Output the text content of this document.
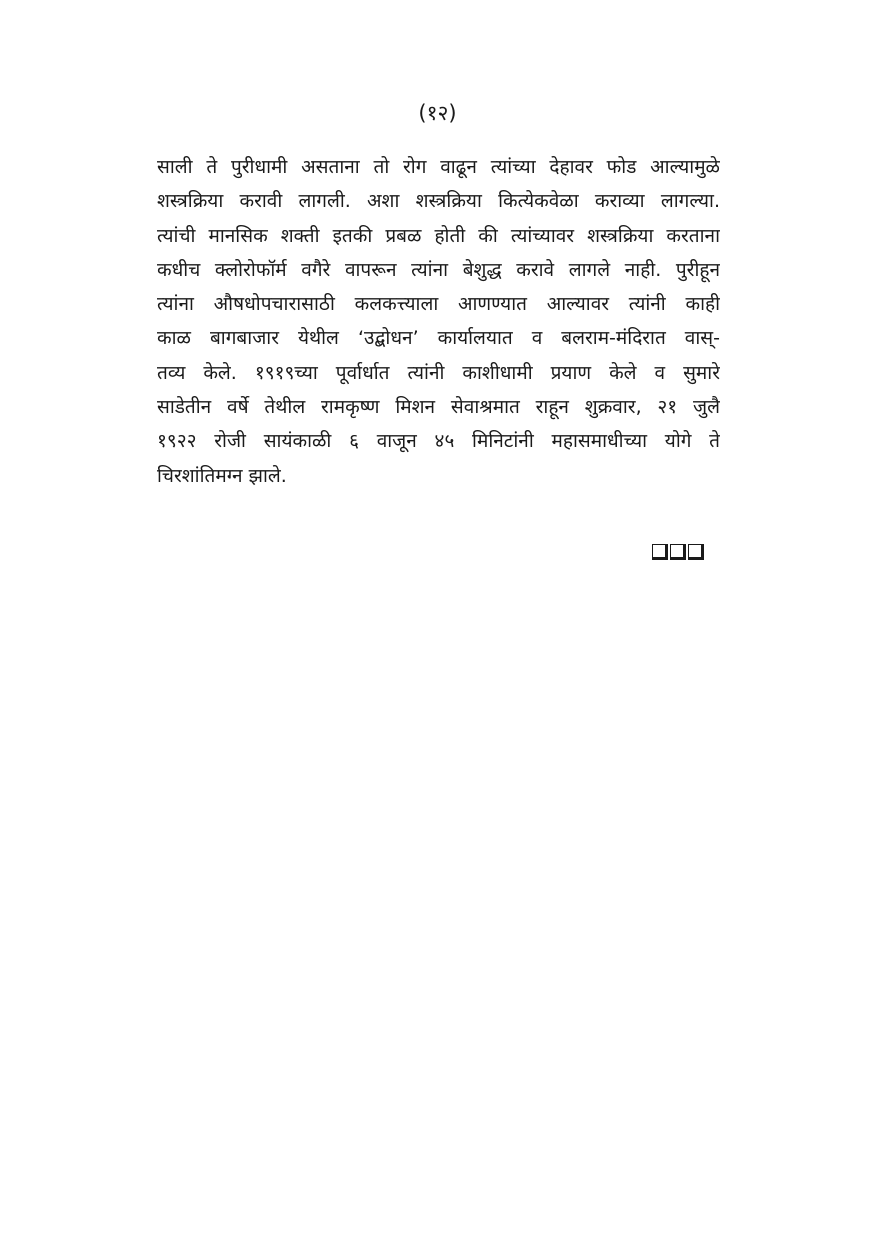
(१२)
साली ते पुरीधामी असताना तो रोग वाढून त्यांच्या देहावर फोड आल्यामुळे
शस्त्रक्रिया करावी लागली. अशा शस्त्रक्रिया कित्येकवेळा कराव्या लागल्या.
त्यांची मानसिक शक्ती इतकी प्रबळ होती की त्यांच्यावर शस्त्रक्रिया करताना
कधीच क्लोरोफॉर्म वगैरे वापरून त्यांना बेशुद्ध करावे लागले नाही. पुरीहून
त्यांना औषधोपचारासाठी कलकत्त्याला आणण्यात आल्यावर त्यांनी काही
काळ बागबाजार येथील ‘उद्बोधन’ कार्यालयात व बलराम-मंदिरात वास्-
तव्य केले. १९१९च्या पूर्वार्धात त्यांनी काशीधामी प्रयाण केले व सुमारे
साडेतीन वर्षे तेथील रामकृष्ण मिशन सेवाश्रमात राहून शुक्रवार, २१ जुलै
१९२२ रोजी सायंकाळी ६ वाजून ४५ मिनिटांनी महासमाधीच्या योगे ते
चिरशांतिमग्न झाले.
